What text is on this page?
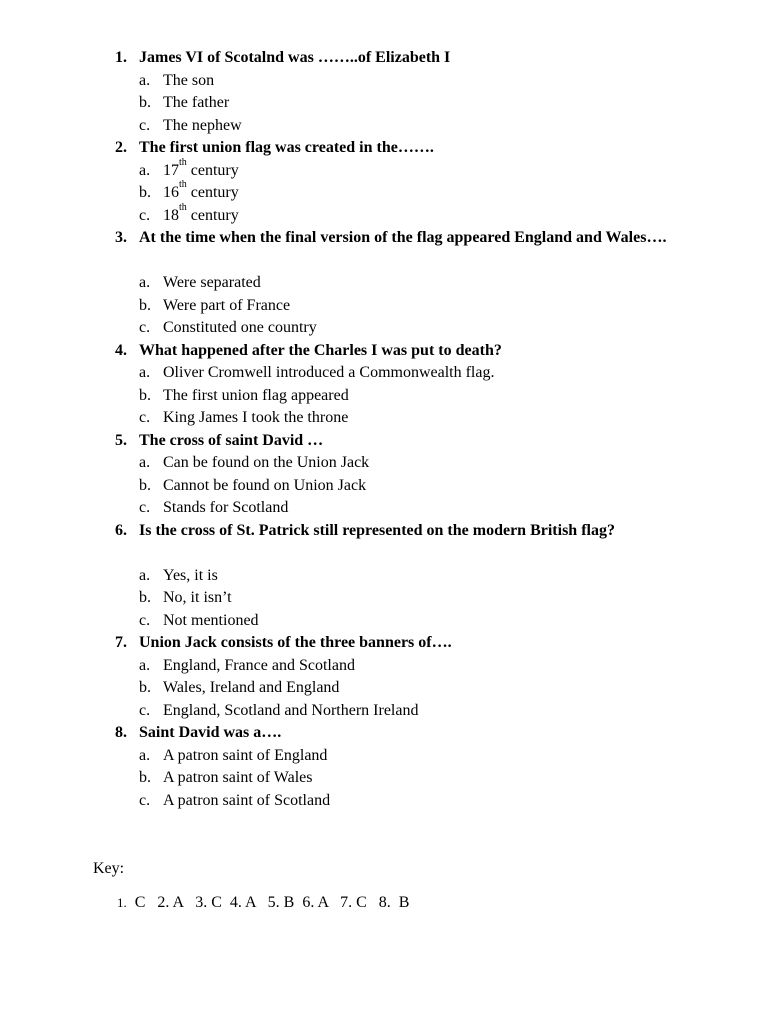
1. James VI of Scotalnd was ……..of Elizabeth I
a. The son
b. The father
c. The nephew
2. The first union flag was created in the…….
a. 17th century
b. 16th century
c. 18th century
3. At the time when the final version of the flag appeared England and Wales….
a. Were separated
b. Were part of France
c. Constituted one country
4. What happened after the Charles I was put to death?
a. Oliver Cromwell introduced a Commonwealth flag.
b. The first union flag appeared
c. King James I took the throne
5. The cross of saint David …
a. Can be found on the Union Jack
b. Cannot be found on Union Jack
c. Stands for Scotland
6. Is the cross of St. Patrick still represented on the modern British flag?
a. Yes, it is
b. No, it isn’t
c. Not mentioned
7. Union Jack consists of the three banners of….
a. England, France and Scotland
b. Wales, Ireland and England
c. England, Scotland and Northern Ireland
8. Saint David was a….
a. A patron saint of England
b. A patron saint of Wales
c. A patron saint of Scotland
Key:
1.  C   2. A   3. C  4. A   5. B  6. A   7. C   8.  B
